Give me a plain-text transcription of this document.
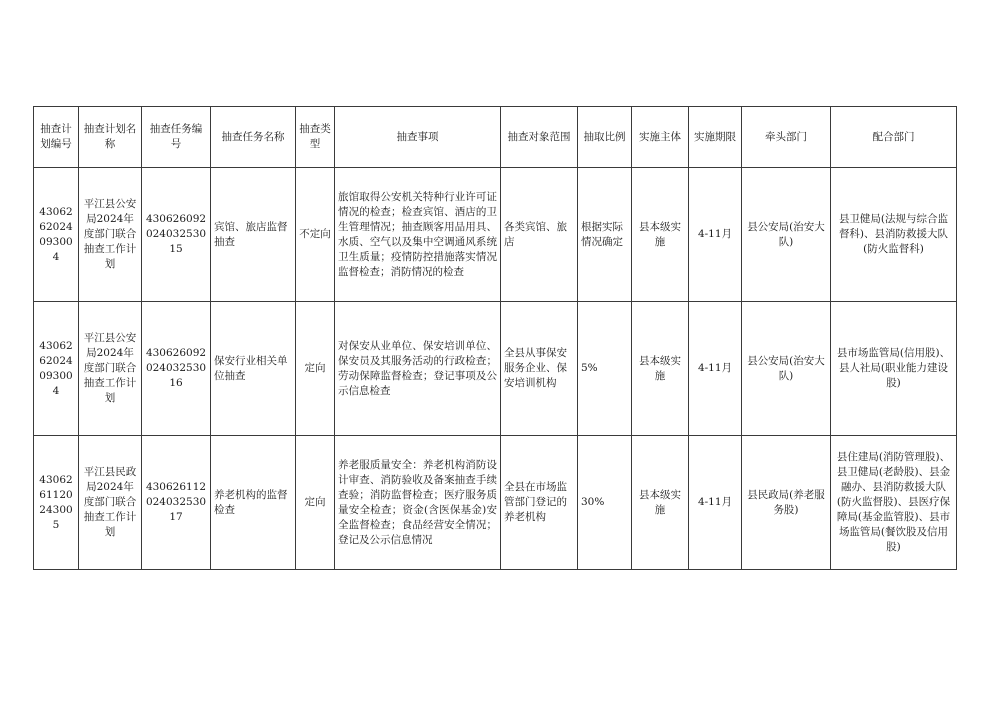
抽查计划编号	抽查计划名称	抽查任务编号	抽查任务名称	抽查类型	抽查事项	抽查对象范围	抽取比例	实施主体	实施期限	牵头部门	配合部门
430626202409300 4	平江县公安局2024年度部门联合抽查工作计划	430626092024032530 15	宾馆、旅店监督抽查	不定向	旅馆取得公安机关特种行业许可证情况的检查；检查宾馆、酒店的卫生管理情况；抽查顾客用品用具、水质、空气以及集中空调通风系统卫生质量；疫情防控措施落实情况监督检查；消防情况的检查	各类宾馆、旅店	根据实际情况确定	县本级实施	4-11月	县公安局(治安大队)	县卫健局(法规与综合监督科)、县消防救援大队(防火监督科)
430626202409300 4	平江县公安局2024年度部门联合抽查工作计划	430626092024032530 16	保安行业相关单位抽查	定向	对保安从业单位、保安培训单位、保安员及其服务活动的行政检查；劳动保障监督检查；登记事项及公示信息检查	全县从事保安服务企业、保安培训机构	5%	县本级实施	4-11月	县公安局(治安大队)	县市场监管局(信用股)、县人社局(职业能力建设股)
430626112024300 5	平江县民政局2024年度部门联合抽查工作计划	430626112024032530 17	养老机构的监督检查	定向	养老服质量安全：养老机构消防设计审查、消防验收及备案抽查手续查验；消防监督检查；医疗服务质量安全检查；资金(含医保基金)安全监督检查；食品经营安全情况；登记及公示信息情况	全县在市场监管部门登记的养老机构	30%	县本级实施	4-11月	县民政局(养老服务股)	县住建局(消防管理股)、县卫健局(老龄股)、县金融办、县消防救援大队(防火监督股)、县医疗保障局(基金监管股)、县市场监管局(餐饮股及信用股)
